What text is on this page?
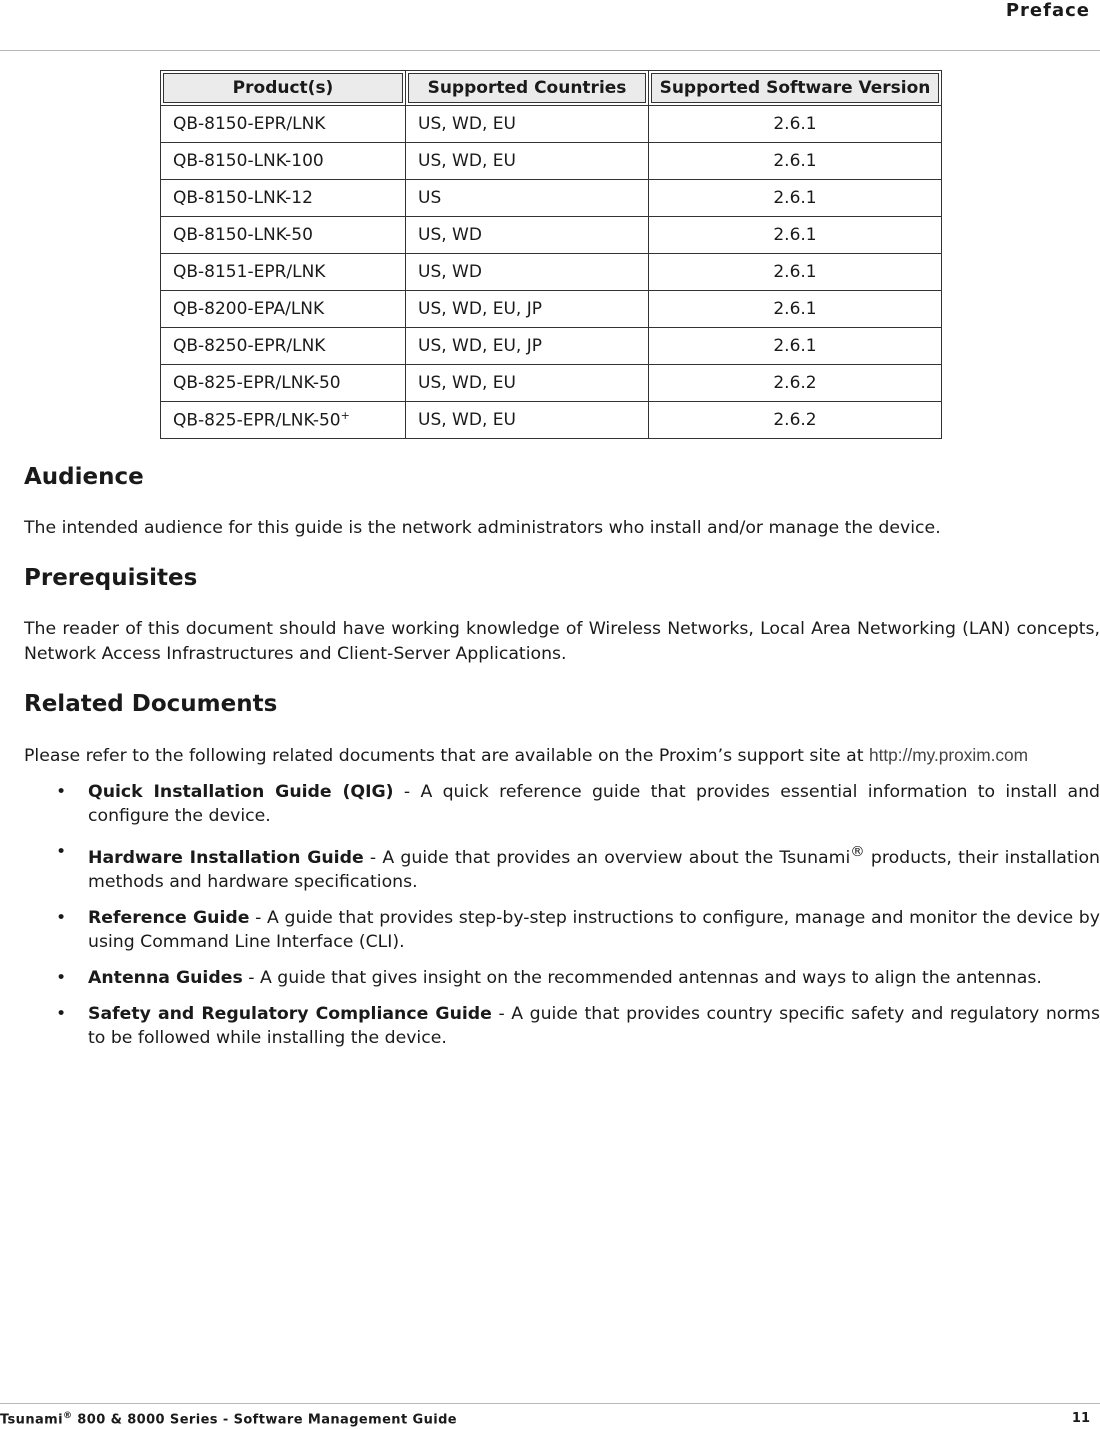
Preface
Product(s)	Supported Countries	Supported Software Version
QB-8150-EPR/LNK	US, WD, EU	2.6.1
QB-8150-LNK-100	US, WD, EU	2.6.1
QB-8150-LNK-12	US	2.6.1
QB-8150-LNK-50	US, WD	2.6.1
QB-8151-EPR/LNK	US, WD	2.6.1
QB-8200-EPA/LNK	US, WD, EU, JP	2.6.1
QB-8250-EPR/LNK	US, WD, EU, JP	2.6.1
QB-825-EPR/LNK-50	US, WD, EU	2.6.2
QB-825-EPR/LNK-50+	US, WD, EU	2.6.2
Audience

The intended audience for this guide is the network administrators who install and/or manage the device.

Prerequisites

The reader of this document should have working knowledge of Wireless Networks, Local Area Networking (LAN) concepts, Network Access Infrastructures and Client-Server Applications.

Related Documents

Please refer to the following related documents that are available on the Proxim’s support site at http://my.proxim.com

• Quick Installation Guide (QIG) - A quick reference guide that provides essential information to install and configure the device.
• Hardware Installation Guide - A guide that provides an overview about the Tsunami® products, their installation methods and hardware specifications.
• Reference Guide - A guide that provides step-by-step instructions to configure, manage and monitor the device by using Command Line Interface (CLI).
• Antenna Guides - A guide that gives insight on the recommended antennas and ways to align the antennas.
• Safety and Regulatory Compliance Guide - A guide that provides country specific safety and regulatory norms to be followed while installing the device.
Tsunami® 800 & 8000 Series - Software Management Guide	11
